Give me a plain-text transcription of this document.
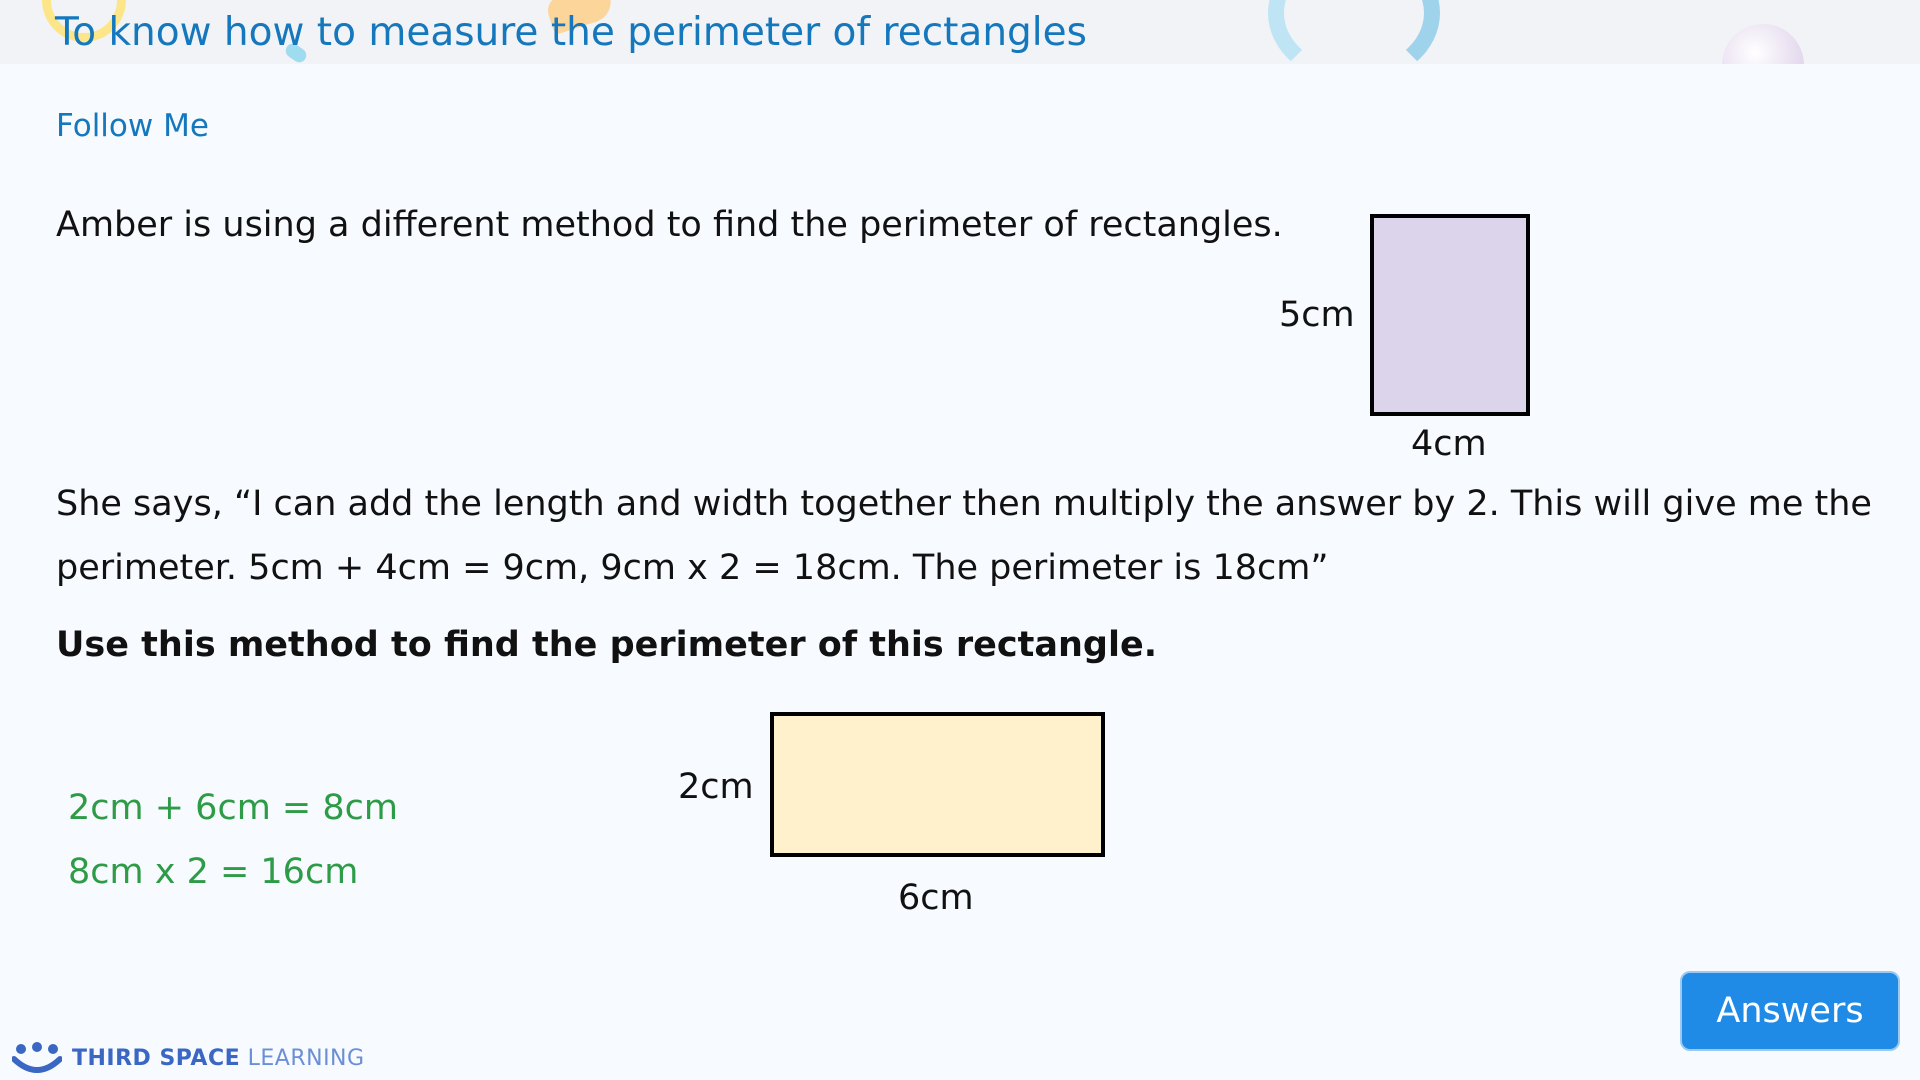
To know how to measure the perimeter of rectangles
Follow Me
Amber is using a different method to find the perimeter of rectangles.
5cm
4cm
She says, “I can add the length and width together then multiply the answer by 2. This will give me the
perimeter. 5cm + 4cm = 9cm, 9cm x 2 = 18cm. The perimeter is 18cm”
Use this method to find the perimeter of this rectangle.
2cm + 6cm = 8cm
8cm x 2 = 16cm
2cm
6cm
Answers
THIRD SPACE LEARNING
